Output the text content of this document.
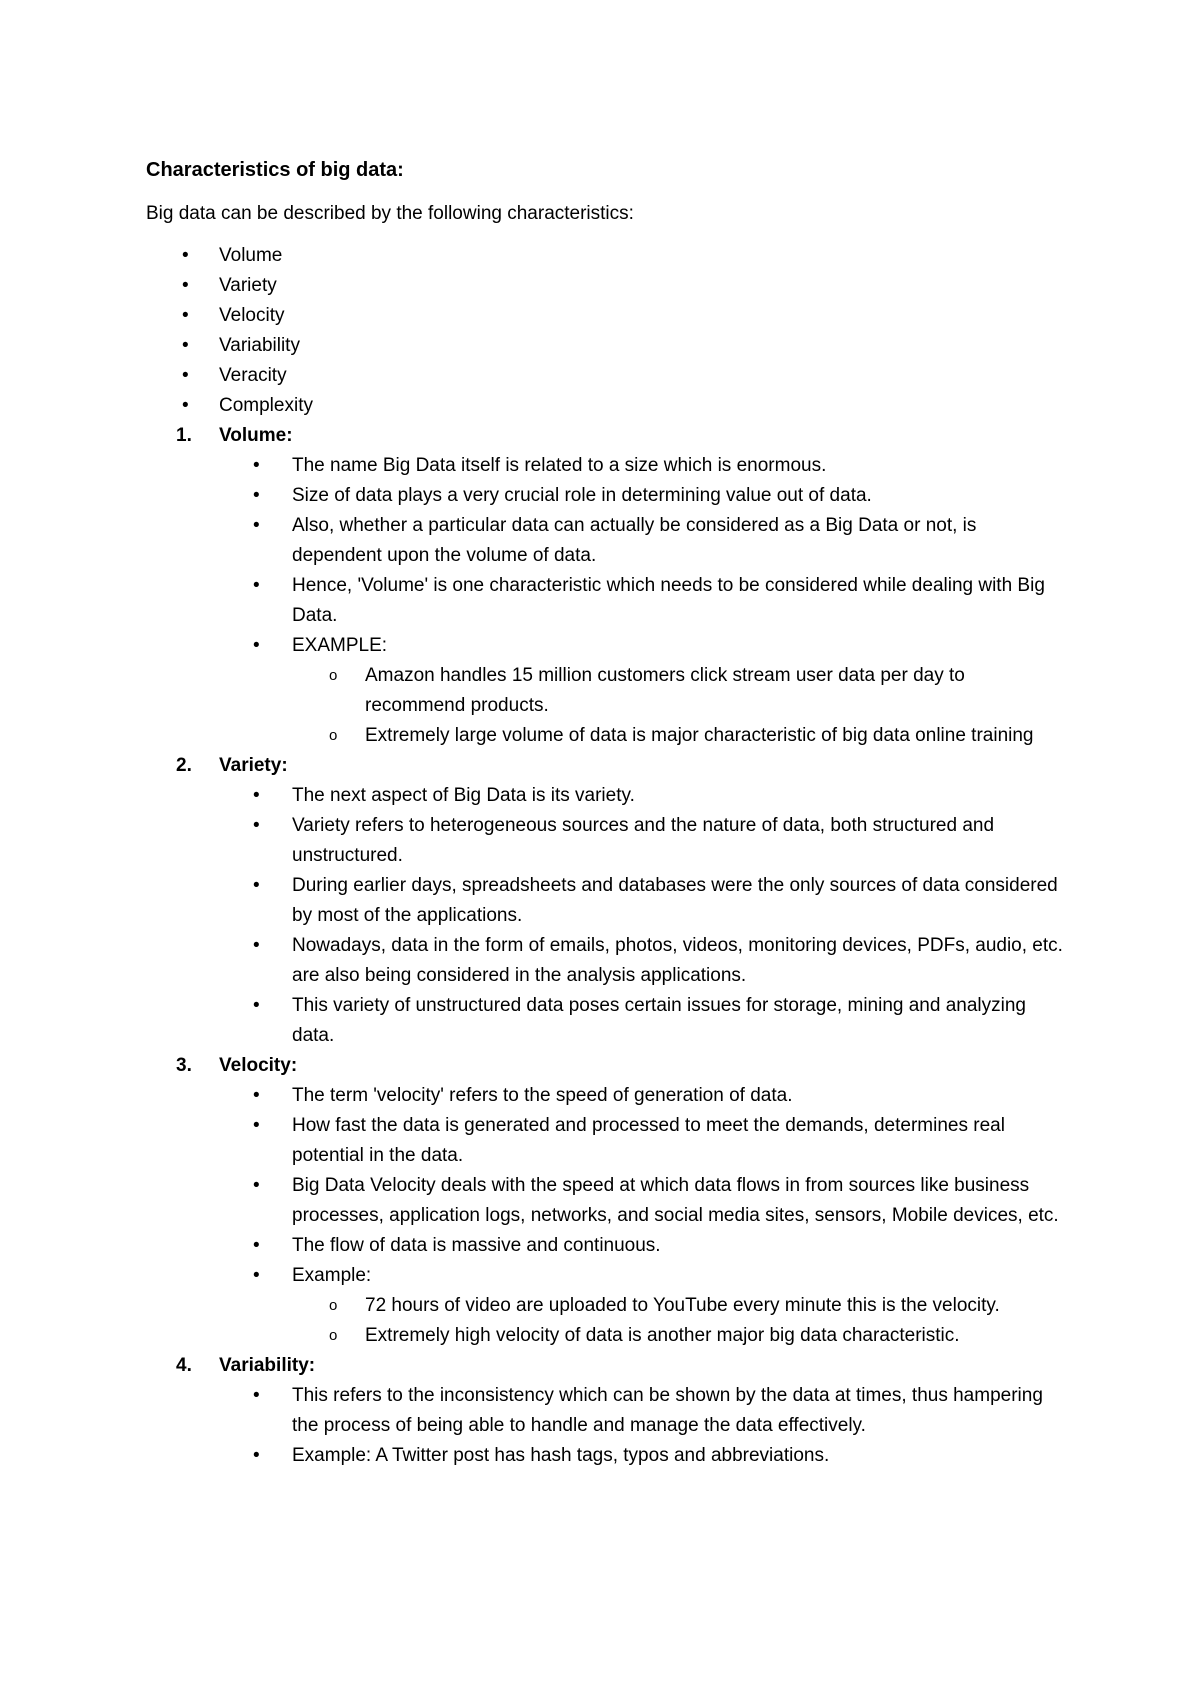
Characteristics of big data:
Big data can be described by the following characteristics:
• Volume
• Variety
• Velocity
• Variability
• Veracity
• Complexity
1. Volume:
• The name Big Data itself is related to a size which is enormous.
• Size of data plays a very crucial role in determining value out of data.
• Also, whether a particular data can actually be considered as a Big Data or not, is dependent upon the volume of data.
• Hence, 'Volume' is one characteristic which needs to be considered while dealing with Big Data.
• EXAMPLE:
o Amazon handles 15 million customers click stream user data per day to recommend products.
o Extremely large volume of data is major characteristic of big data online training
2. Variety:
• The next aspect of Big Data is its variety.
• Variety refers to heterogeneous sources and the nature of data, both structured and unstructured.
• During earlier days, spreadsheets and databases were the only sources of data considered by most of the applications.
• Nowadays, data in the form of emails, photos, videos, monitoring devices, PDFs, audio, etc. are also being considered in the analysis applications.
• This variety of unstructured data poses certain issues for storage, mining and analyzing data.
3. Velocity:
• The term 'velocity' refers to the speed of generation of data.
• How fast the data is generated and processed to meet the demands, determines real potential in the data.
• Big Data Velocity deals with the speed at which data flows in from sources like business processes, application logs, networks, and social media sites, sensors, Mobile devices, etc.
• The flow of data is massive and continuous.
• Example:
o 72 hours of video are uploaded to YouTube every minute this is the velocity.
o Extremely high velocity of data is another major big data characteristic.
4. Variability:
• This refers to the inconsistency which can be shown by the data at times, thus hampering the process of being able to handle and manage the data effectively.
• Example: A Twitter post has hash tags, typos and abbreviations.
